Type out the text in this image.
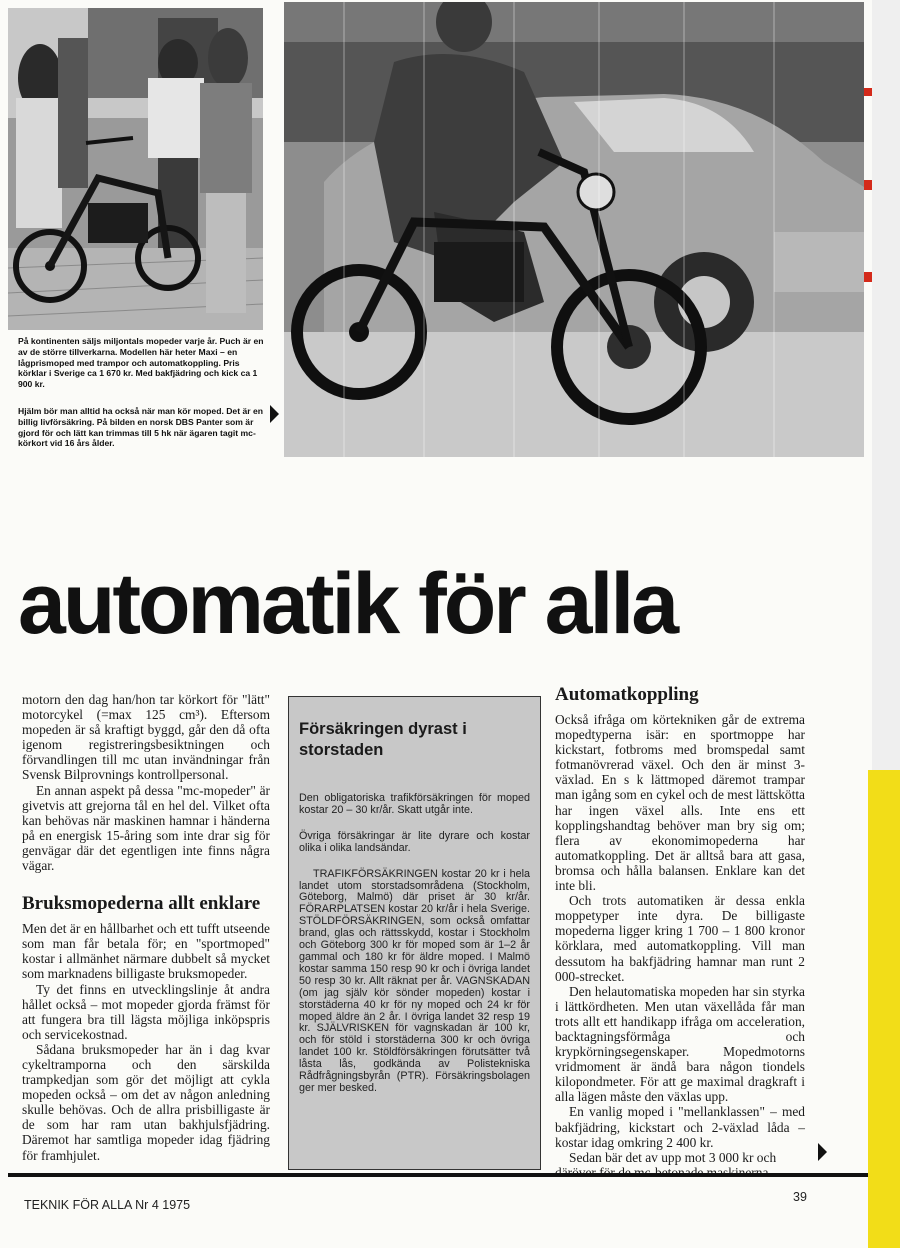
På kontinenten säljs miljontals mopeder varje år. Puch är en av de större tillverkarna. Modellen här heter Maxi – en lågprismoped med trampor och automatkoppling. Pris körklar i Sverige ca 1 670 kr. Med bakfjädring och kick ca 1 900 kr.

Hjälm bör man alltid ha också när man kör moped. Det är en billig livförsäkring. På bilden en norsk DBS Panter som är gjord för och lätt kan trimmas till 5 hk när ägaren tagit mc-körkort vid 16 års ålder.

automatik för alla

motorn den dag han/hon tar körkort för "lätt" motorcykel (=max 125 cm³). Eftersom mopeden är så kraftigt byggd, går den då ofta igenom registreringsbesiktningen och förvandlingen till mc utan invändningar från Svensk Bilprovnings kontrollpersonal.

En annan aspekt på dessa "mc-mopeder" är givetvis att grejorna tål en hel del. Vilket ofta kan behövas när maskinen hamnar i händerna på en energisk 15-åring som inte drar sig för genvägar där det egentligen inte finns några vägar.

Bruksmopederna allt enklare

Men det är en hållbarhet och ett tufft utseende som man får betala för; en "sportmoped" kostar i allmänhet närmare dubbelt så mycket som marknadens billigaste bruksmopeder.

Ty det finns en utvecklingslinje åt andra hållet också – mot mopeder gjorda främst för att fungera bra till lägsta möjliga inköpspris och servicekostnad.

Sådana bruksmopeder har än i dag kvar cykeltramporna och den särskilda trampkedjan som gör det möjligt att cykla mopeden också – om det av någon anledning skulle behövas. Och de allra prisbilligaste är de som har ram utan bakhjulsfjädring. Däremot har samtliga mopeder idag fjädring för framhjulet.

Försäkringen dyrast i storstaden

Den obligatoriska trafikförsäkringen för moped kostar 20 – 30 kr/år. Skatt utgår inte.

Övriga försäkringar är lite dyrare och kostar olika i olika landsändar.

TRAFIKFÖRSÄKRINGEN kostar 20 kr i hela landet utom storstadsområdena (Stockholm, Göteborg, Malmö) där priset är 30 kr/år. FÖRARPLATSEN kostar 20 kr/år i hela Sverige. STÖLDFÖRSÄKRINGEN, som också omfattar brand, glas och rättsskydd, kostar i Stockholm och Göteborg 300 kr för moped som är 1–2 år gammal och 180 kr för äldre moped. I Malmö kostar samma 150 resp 90 kr och i övriga landet 50 resp 30 kr. Allt räknat per år. VAGNSKADAN (om jag själv kör sönder mopeden) kostar i storstäderna 40 kr för ny moped och 24 kr för moped äldre än 2 år. I övriga landet 32 resp 19 kr. SJÄLVRISKEN för vagnskadan är 100 kr, och för stöld i storstäderna 300 kr och övriga landet 100 kr. Stöldförsäkringen förutsätter två låsta lås, godkända av Polistekniska Rådfrågningsbyrån (PTR). Försäkringsbolagen ger mer besked.

Automatkoppling

Också ifråga om körtekniken går de extrema mopedtyperna isär: en sportmoppe har kickstart, fotbroms med bromspedal samt fotmanövrerad växel. Och den är minst 3-växlad. En s k lättmoped däremot trampar man igång som en cykel och de mest lättskötta har ingen växel alls. Inte ens ett kopplingshandtag behöver man bry sig om; flera av ekonomimopederna har automatkoppling. Det är alltså bara att gasa, bromsa och hålla balansen. Enklare kan det inte bli.

Och trots automatiken är dessa enkla moppetyper inte dyra. De billigaste mopederna ligger kring 1 700 – 1 800 kronor körklara, med automatkoppling. Vill man dessutom ha bakfjädring hamnar man runt 2 000-strecket.

Den helautomatiska mopeden har sin styrka i lättkördheten. Men utan växellåda får man trots allt ett handikapp ifråga om acceleration, backtagningsförmåga och krypkörningsegenskaper. Mopedmotorns vridmoment är ändå bara någon tiondels kilopondmeter. För att ge maximal dragkraft i alla lägen måste den växlas upp.

En vanlig moped i "mellanklassen" – med bakfjädring, kickstart och 2-växlad låda – kostar idag omkring 2 400 kr.

Sedan bär det av upp mot 3 000 kr och

TEKNIK FÖR ALLA Nr 4 1975
39
